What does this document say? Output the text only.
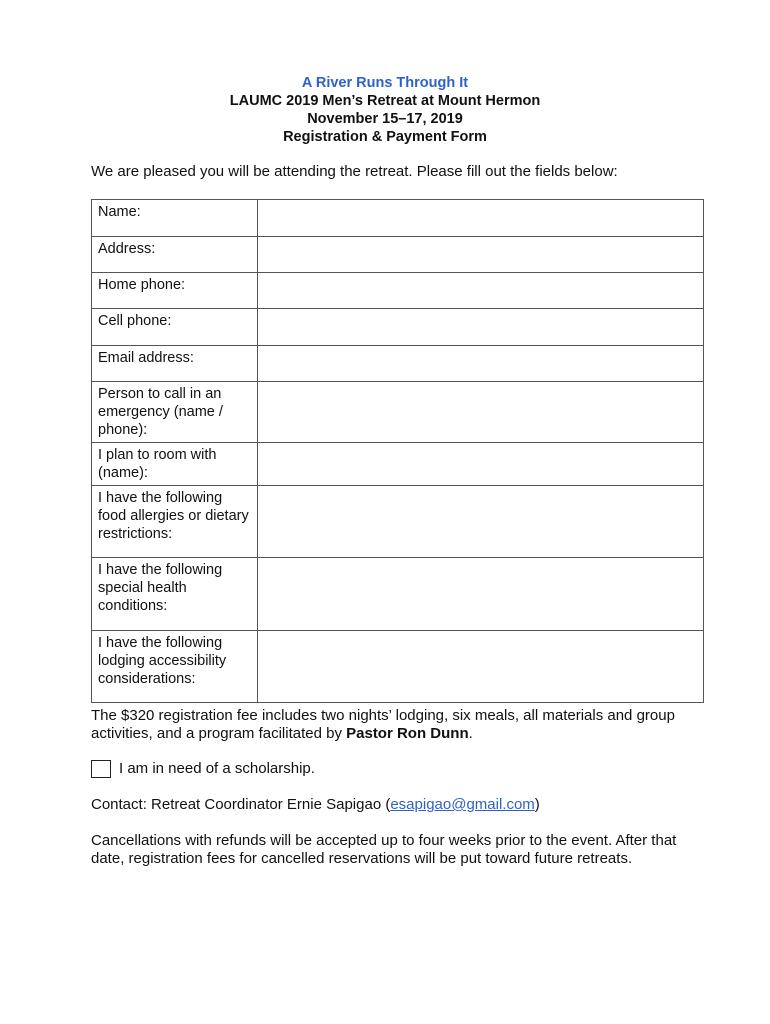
A River Runs Through It
LAUMC 2019 Men’s Retreat at Mount Hermon
November 15–17, 2019
Registration & Payment Form
We are pleased you will be attending the retreat. Please fill out the fields below:
Name:	
Address:	
Home phone:	
Cell phone:	
Email address:	
Person to call in an emergency (name / phone):	
I plan to room with (name):	
I have the following food allergies or dietary restrictions:	
I have the following special health conditions:	
I have the following lodging accessibility considerations:	
The $320 registration fee includes two nights’ lodging, six meals, all materials and group activities, and a program facilitated by Pastor Ron Dunn.
I am in need of a scholarship.
Contact: Retreat Coordinator Ernie Sapigao (esapigao@gmail.com)
Cancellations with refunds will be accepted up to four weeks prior to the event. After that date, registration fees for cancelled reservations will be put toward future retreats.
